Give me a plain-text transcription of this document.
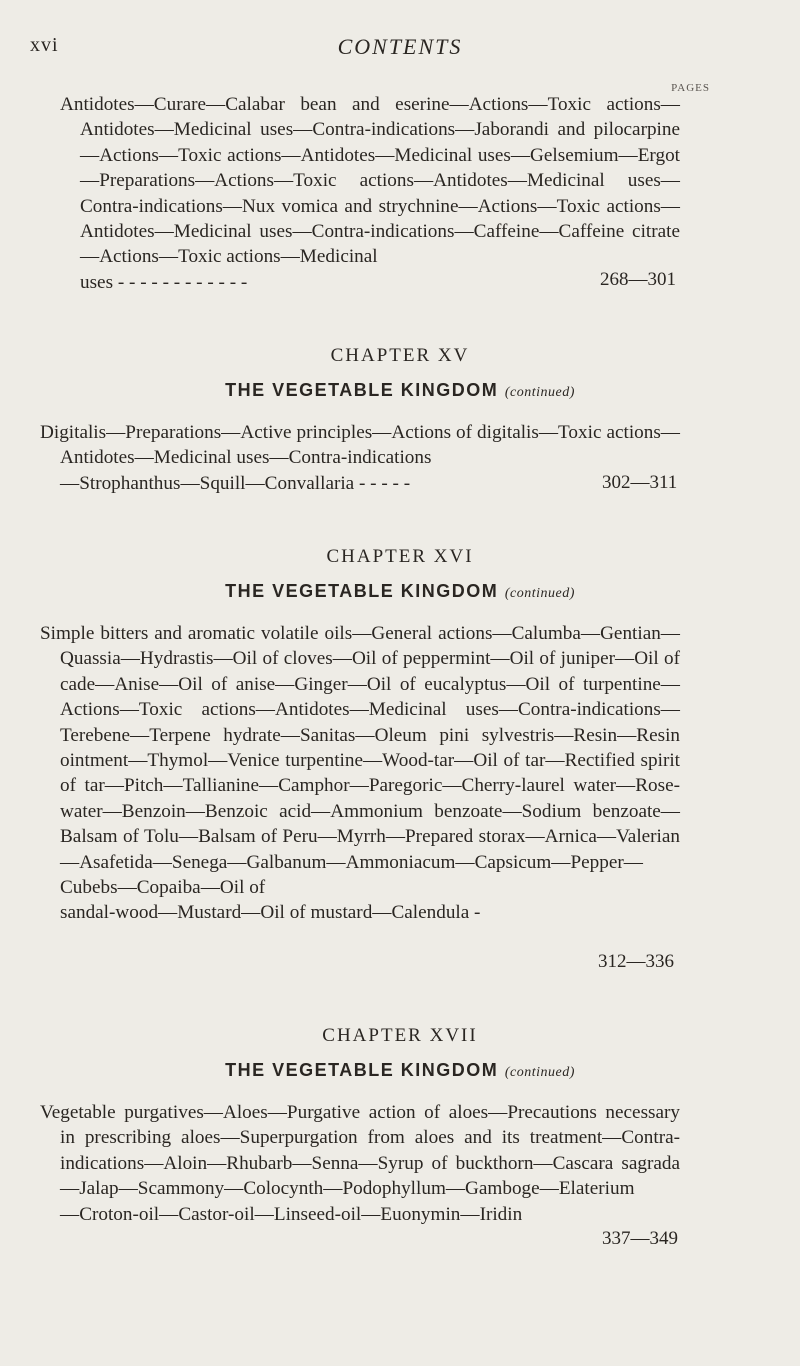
xvi	CONTENTS
PAGES
Antidotes—Curare—Calabar bean and eserine—Actions—Toxic actions—Antidotes—Medicinal uses—Contra-indications—Jaborandi and pilocarpine—Actions—Toxic actions—Antidotes—Medicinal uses—Gelsemium—Ergot—Preparations—Actions—Toxic actions—Antidotes—Medicinal uses—Contra-indications—Nux vomica and strychnine—Actions—Toxic actions—Antidotes—Medicinal uses—Contra-indications—Caffeine—Caffeine citrate—Actions—Toxic actions—Medicinal
uses - - - - - - - - - - - -	268—301
CHAPTER XV
THE VEGETABLE KINGDOM (continued)
Digitalis—Preparations—Active principles—Actions of digitalis—Toxic actions—Antidotes—Medicinal uses—Contra-indications
—Strophanthus—Squill—Convallaria - - - - -	302—311
CHAPTER XVI
THE VEGETABLE KINGDOM (continued)
Simple bitters and aromatic volatile oils—General actions—Calumba—Gentian—Quassia—Hydrastis—Oil of cloves—Oil of peppermint—Oil of juniper—Oil of cade—Anise—Oil of anise—Ginger—Oil of eucalyptus—Oil of turpentine—Actions—Toxic actions—Antidotes—Medicinal uses—Contra-indications—Terebene—Terpene hydrate—Sanitas—Oleum pini sylvestris—Resin—Resin ointment—Thymol—Venice turpentine—Wood-tar—Oil of tar—Rectified spirit of tar—Pitch—Tallianine—Camphor—Paregoric—Cherry-laurel water—Rose-water—Benzoin—Benzoic acid—Ammonium benzoate—Sodium benzoate—Balsam of Tolu—Balsam of Peru—Myrrh—Prepared storax—Arnica—Valerian—Asafetida—Senega—Galbanum—Ammoniacum—Capsicum—Pepper—Cubebs—Copaiba—Oil of
sandal-wood—Mustard—Oil of mustard—Calendula -
312—336
CHAPTER XVII
THE VEGETABLE KINGDOM (continued)
Vegetable purgatives—Aloes—Purgative action of aloes—Precautions necessary in prescribing aloes—Superpurgation from aloes and its treatment—Contra-indications—Aloin—Rhubarb—Senna—Syrup of buckthorn—Cascara sagrada—Jalap—Scammony—Colocynth—Podophyllum—Gamboge—Elaterium
—Croton-oil—Castor-oil—Linseed-oil—Euonymin—Iridin
337—349
